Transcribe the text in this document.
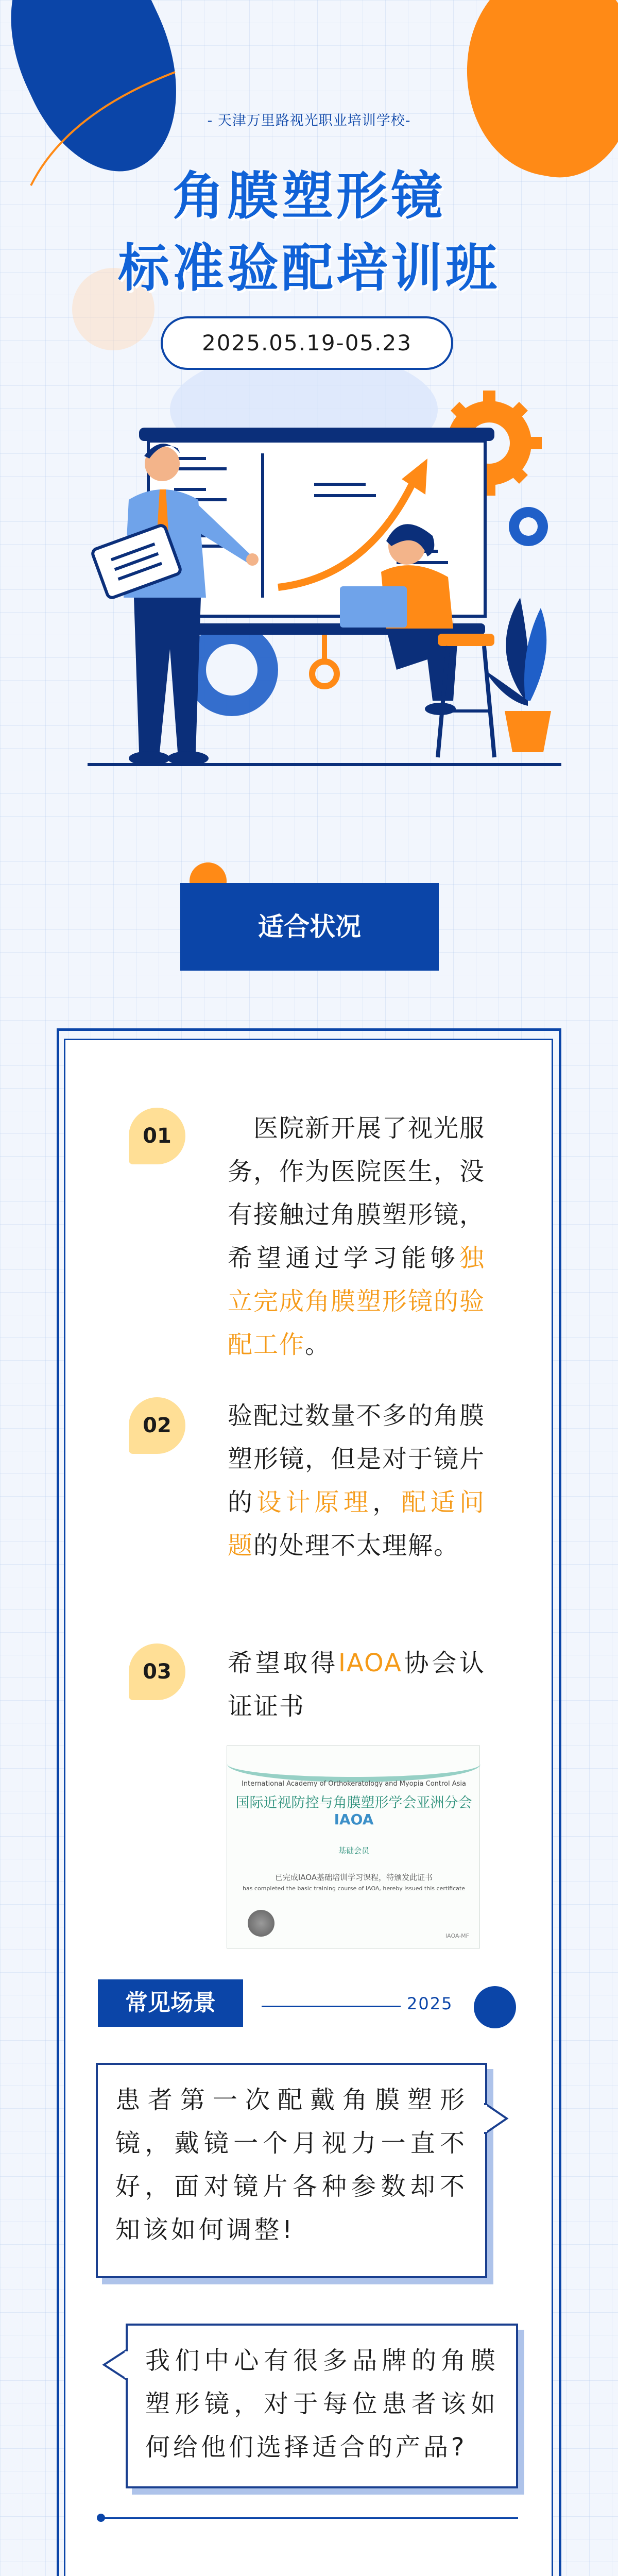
- 天津万里路视光职业培训学校-
角膜塑形镜
标准验配培训班
2025.05.19-05.23
适合状况
01	　医院新开展了视光服务，作为医院医生，没有接触过角膜塑形镜，希望通过学习能够独立完成角膜塑形镜的验配工作。
02	验配过数量不多的角膜塑形镜，但是对于镜片的设计原理，配适问题的处理不太理解。
03	希望取得IAOA协会认证证书
International Academy of Orthokeratology and Myopia Control Asia
国际近视防控与角膜塑形学会亚洲分会
IAOA
基础会员
已完成IAOA基础培训学习课程，特颁发此证书
has completed the basic training course of IAOA, hereby issued this certificate
IAOA-MF
常见场景	2025
患者第一次配戴角膜塑形镜，戴镜一个月视力一直不好，面对镜片各种参数却不知该如何调整!
我们中心有很多品牌的角膜塑形镜，对于每位患者该如何给他们选择适合的产品?
